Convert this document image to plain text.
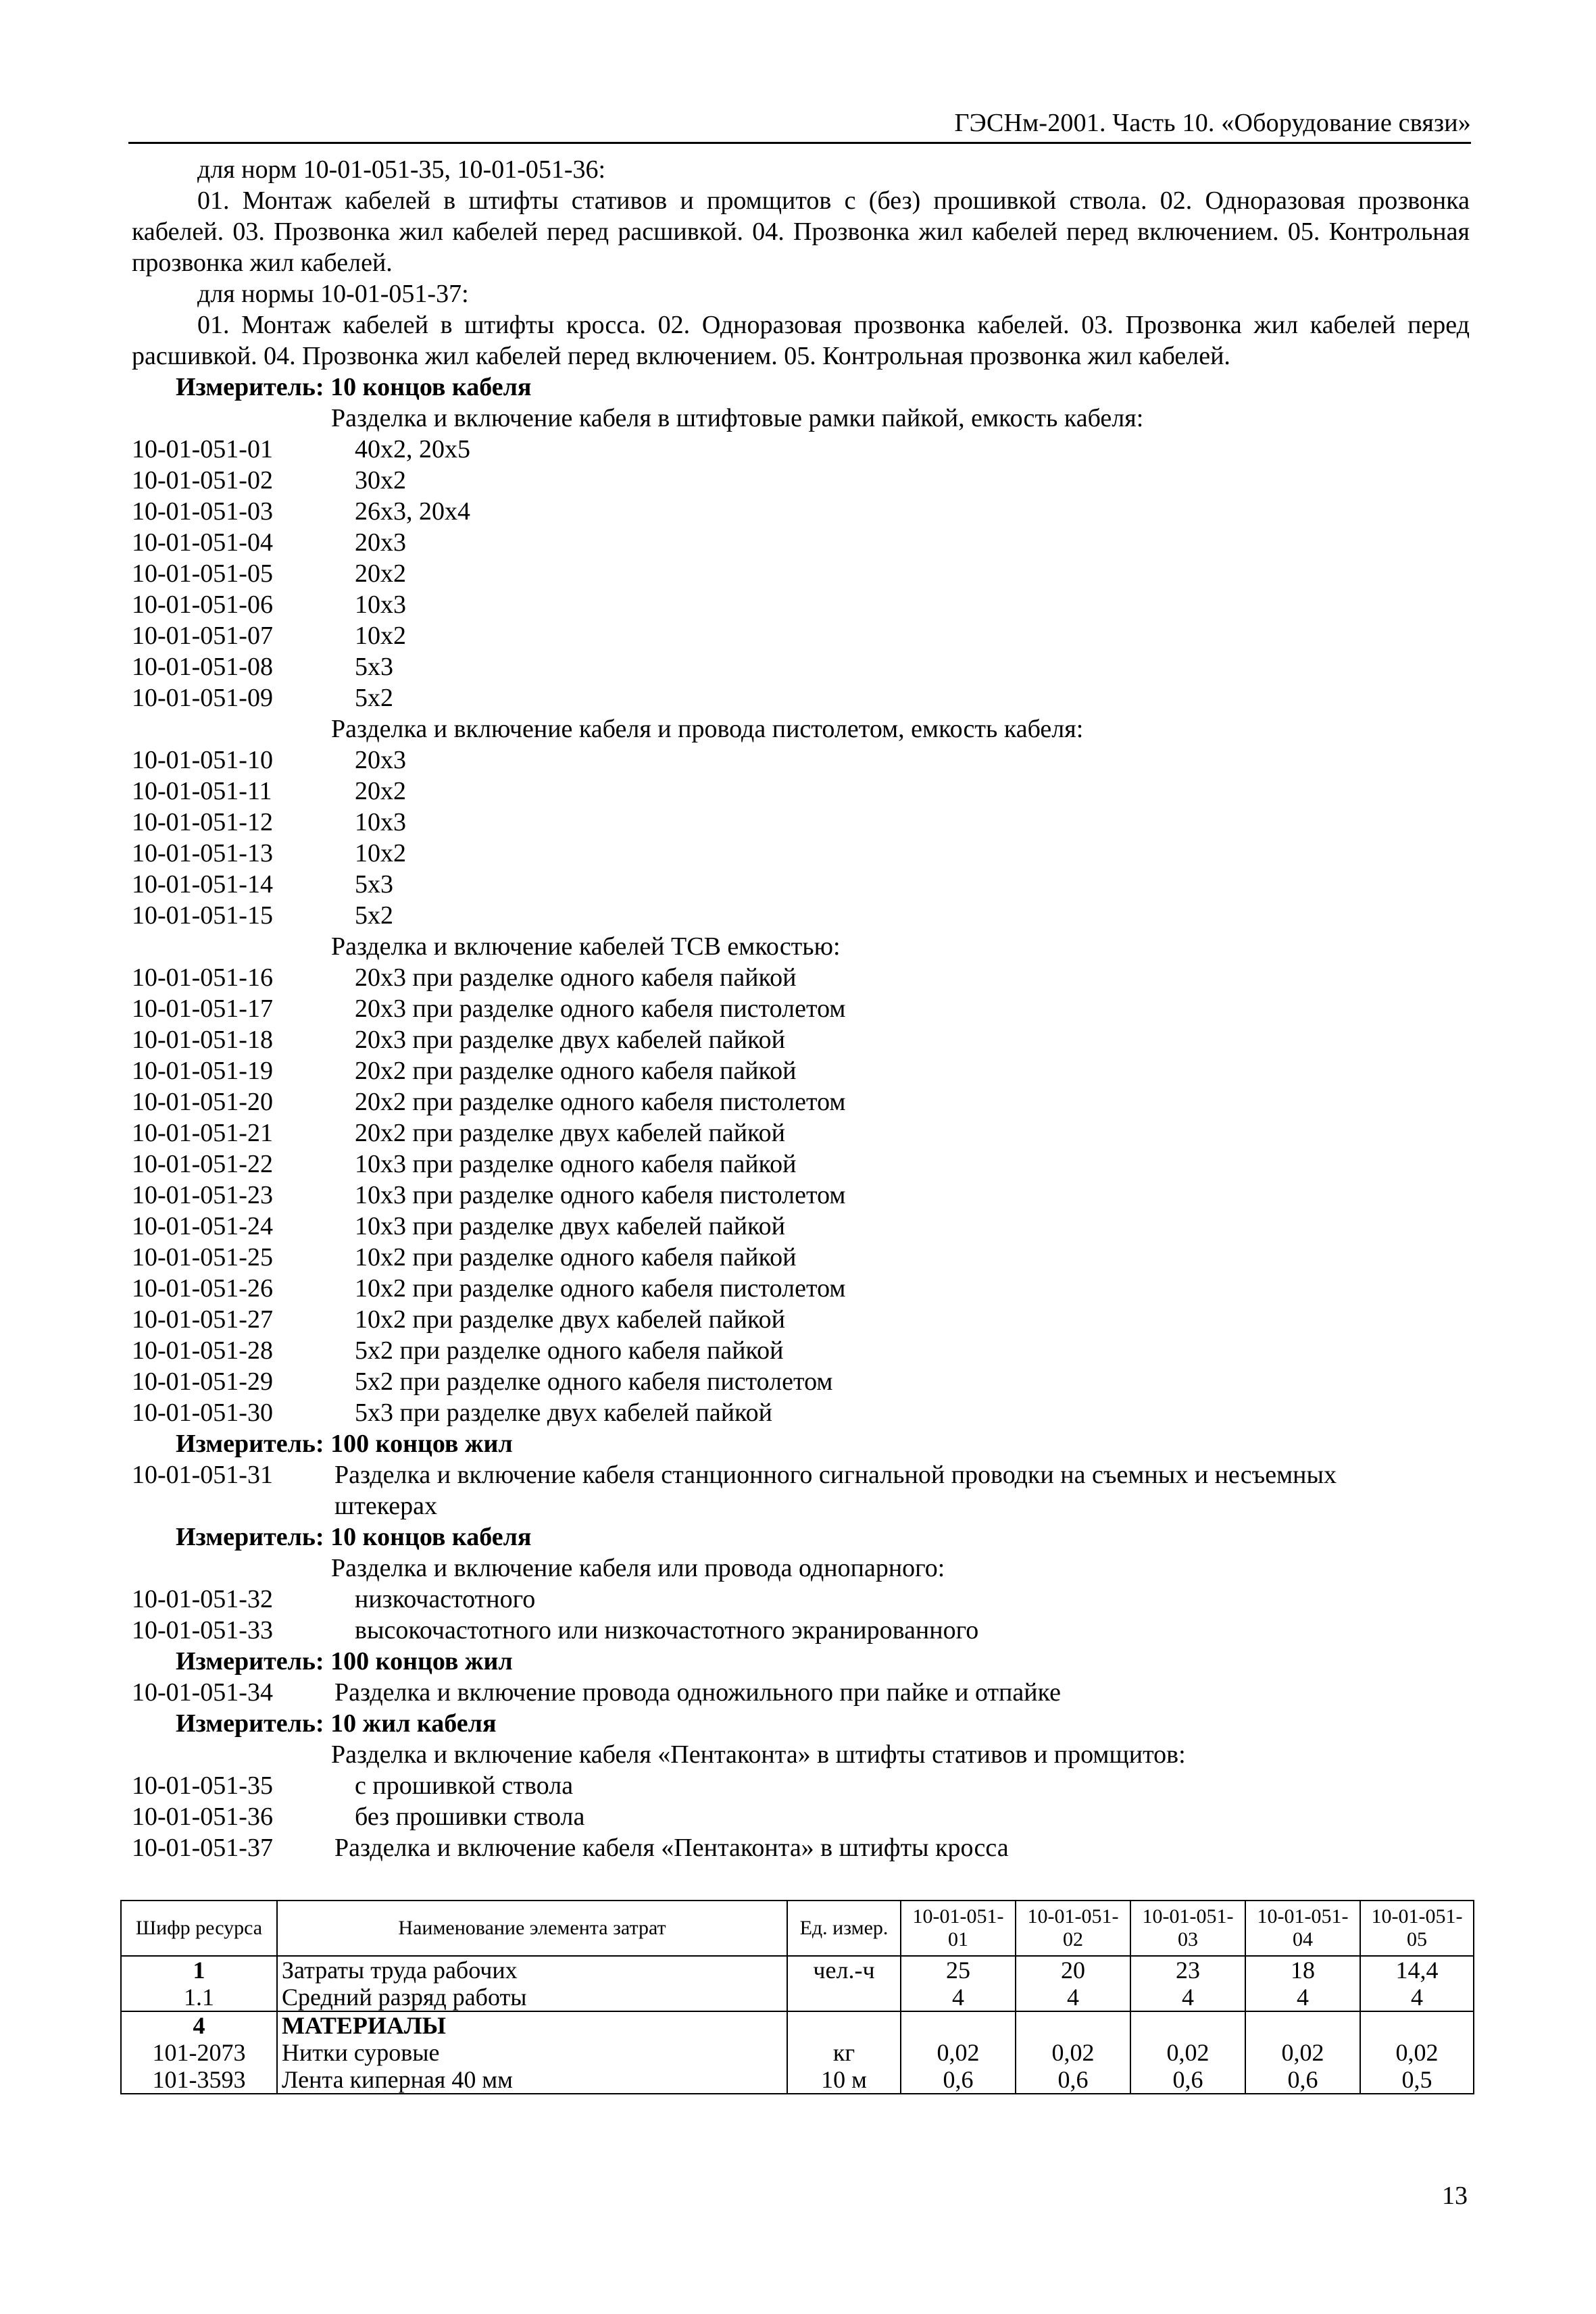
ГЭСНм-2001. Часть 10. «Оборудование связи»
для норм 10-01-051-35, 10-01-051-36:
01. Монтаж кабелей в штифты стативов и промщитов с (без) прошивкой ствола. 02. Одноразовая прозвонка кабелей. 03. Прозвонка жил кабелей перед расшивкой. 04. Прозвонка жил кабелей перед включением. 05. Контрольная прозвонка жил кабелей.
для нормы 10-01-051-37:
01. Монтаж кабелей в штифты кросса. 02. Одноразовая прозвонка кабелей. 03. Прозвонка жил кабелей перед расшивкой. 04. Прозвонка жил кабелей перед включением. 05. Контрольная прозвонка жил кабелей.
Измеритель: 10 концов кабеля
Разделка и включение кабеля в штифтовые рамки пайкой, емкость кабеля:
10-01-051-01	40х2, 20х5
10-01-051-02	30х2
10-01-051-03	26х3, 20х4
10-01-051-04	20х3
10-01-051-05	20х2
10-01-051-06	10х3
10-01-051-07	10х2
10-01-051-08	5х3
10-01-051-09	5х2
Разделка и включение кабеля и провода пистолетом, емкость кабеля:
10-01-051-10	20х3
10-01-051-11	20х2
10-01-051-12	10х3
10-01-051-13	10х2
10-01-051-14	5х3
10-01-051-15	5х2
Разделка и включение кабелей ТСВ емкостью:
10-01-051-16	20х3 при разделке одного кабеля пайкой
10-01-051-17	20х3 при разделке одного кабеля пистолетом
10-01-051-18	20х3 при разделке двух кабелей пайкой
10-01-051-19	20х2 при разделке одного кабеля пайкой
10-01-051-20	20х2 при разделке одного кабеля пистолетом
10-01-051-21	20х2 при разделке двух кабелей пайкой
10-01-051-22	10х3 при разделке одного кабеля пайкой
10-01-051-23	10х3 при разделке одного кабеля пистолетом
10-01-051-24	10х3 при разделке двух кабелей пайкой
10-01-051-25	10х2 при разделке одного кабеля пайкой
10-01-051-26	10х2 при разделке одного кабеля пистолетом
10-01-051-27	10х2 при разделке двух кабелей пайкой
10-01-051-28	5х2 при разделке одного кабеля пайкой
10-01-051-29	5х2 при разделке одного кабеля пистолетом
10-01-051-30	5х3 при разделке двух кабелей пайкой
Измеритель: 100 концов жил
10-01-051-31	Разделка и включение кабеля станционного сигнальной проводки на съемных и несъемных
штекерах
Измеритель: 10 концов кабеля
Разделка и включение кабеля или провода однопарного:
10-01-051-32	низкочастотного
10-01-051-33	высокочастотного или низкочастотного экранированного
Измеритель: 100 концов жил
10-01-051-34	Разделка и включение провода одножильного при пайке и отпайке
Измеритель: 10 жил кабеля
Разделка и включение кабеля «Пентаконта» в штифты стативов и промщитов:
10-01-051-35	с прошивкой ствола
10-01-051-36	без прошивки ствола
10-01-051-37	Разделка и включение кабеля «Пентаконта» в штифты кросса
Шифр ресурса	Наименование элемента затрат	Ед. измер.	10-01-051-01	10-01-051-02	10-01-051-03	10-01-051-04	10-01-051-05
1	Затраты труда рабочих	чел.-ч	25	20	23	18	14,4
1.1	Средний разряд работы		4	4	4	4	4
4	МАТЕРИАЛЫ						
101-2073	Нитки суровые	кг	0,02	0,02	0,02	0,02	0,02
101-3593	Лента киперная 40 мм	10 м	0,6	0,6	0,6	0,6	0,5
13
